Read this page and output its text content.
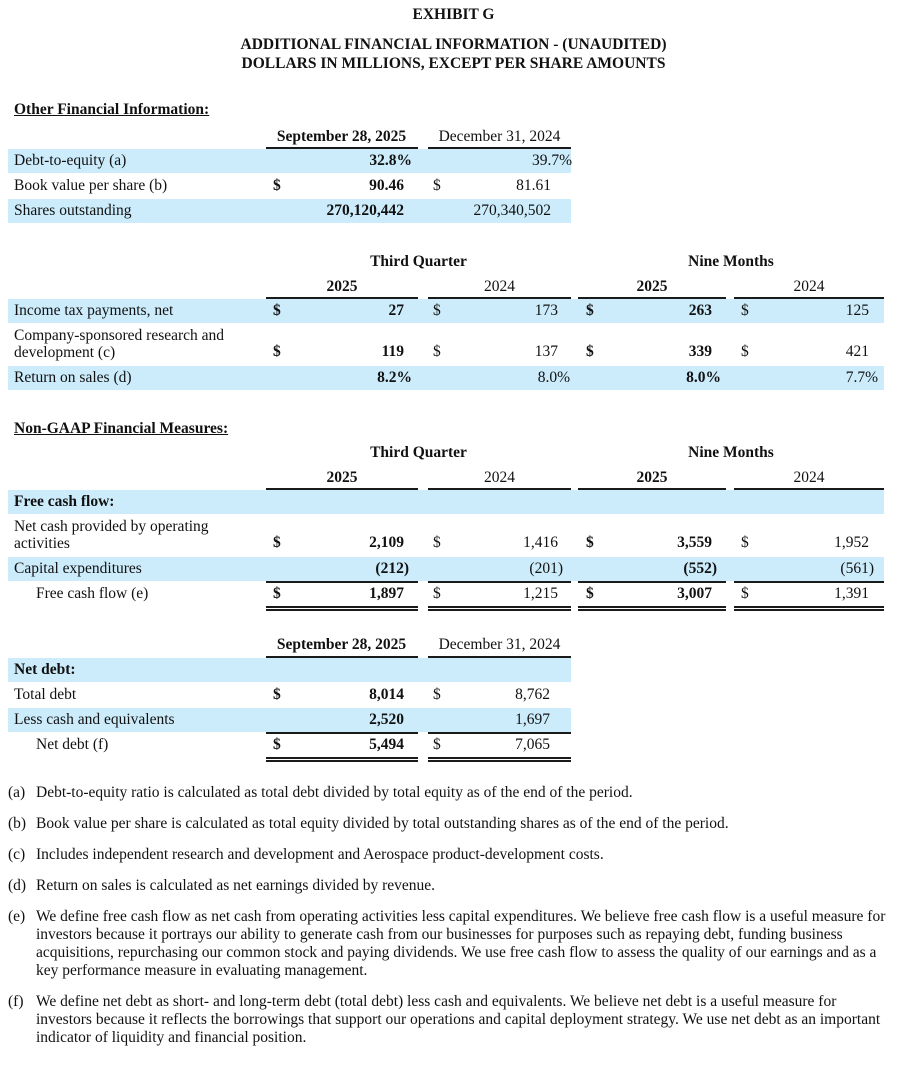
EXHIBIT G
ADDITIONAL FINANCIAL INFORMATION - (UNAUDITED)
DOLLARS IN MILLIONS, EXCEPT PER SHARE AMOUNTS
Other Financial Information:
September 28, 2025	December 31, 2024
Debt-to-equity (a)	32.8%	39.7%
Book value per share (b)	$	90.46 $	81.61
Shares outstanding	270,120,442	270,340,502
Third Quarter	Nine Months
2025	2024	2025	2024
Income tax payments, net	$	27 $	173 $	263 $	125
Company-sponsored research and
development (c)	$	119 $	137 $	339 $	421
Return on sales (d)	8.2%	8.0%	8.0%	7.7%
Non-GAAP Financial Measures:
Third Quarter	Nine Months
2025	2024	2025	2024
Free cash flow:
Net cash provided by operating
activities	$	2,109 $	1,416 $	3,559 $	1,952
Capital expenditures	(212)	(201)	(552)	(561)
Free cash flow (e)	$	1,897 $	1,215 $	3,007 $	1,391
September 28, 2025	December 31, 2024
Net debt:
Total debt	$	8,014 $	8,762
Less cash and equivalents	2,520	1,697
Net debt (f)	$	5,494 $	7,065

(a) Debt-to-equity ratio is calculated as total debt divided by total equity as of the end of the period.

(b) Book value per share is calculated as total equity divided by total outstanding shares as of the end of the period.

(c) Includes independent research and development and Aerospace product-development costs.

(d) Return on sales is calculated as net earnings divided by revenue.

(e) We define free cash flow as net cash from operating activities less capital expenditures. We believe free cash flow is a useful measure for investors because it portrays our ability to generate cash from our businesses for purposes such as repaying debt, funding business acquisitions, repurchasing our common stock and paying dividends. We use free cash flow to assess the quality of our earnings and as a key performance measure in evaluating management.

(f) We define net debt as short- and long-term debt (total debt) less cash and equivalents. We believe net debt is a useful measure for investors because it reflects the borrowings that support our operations and capital deployment strategy. We use net debt as an important indicator of liquidity and financial position.
